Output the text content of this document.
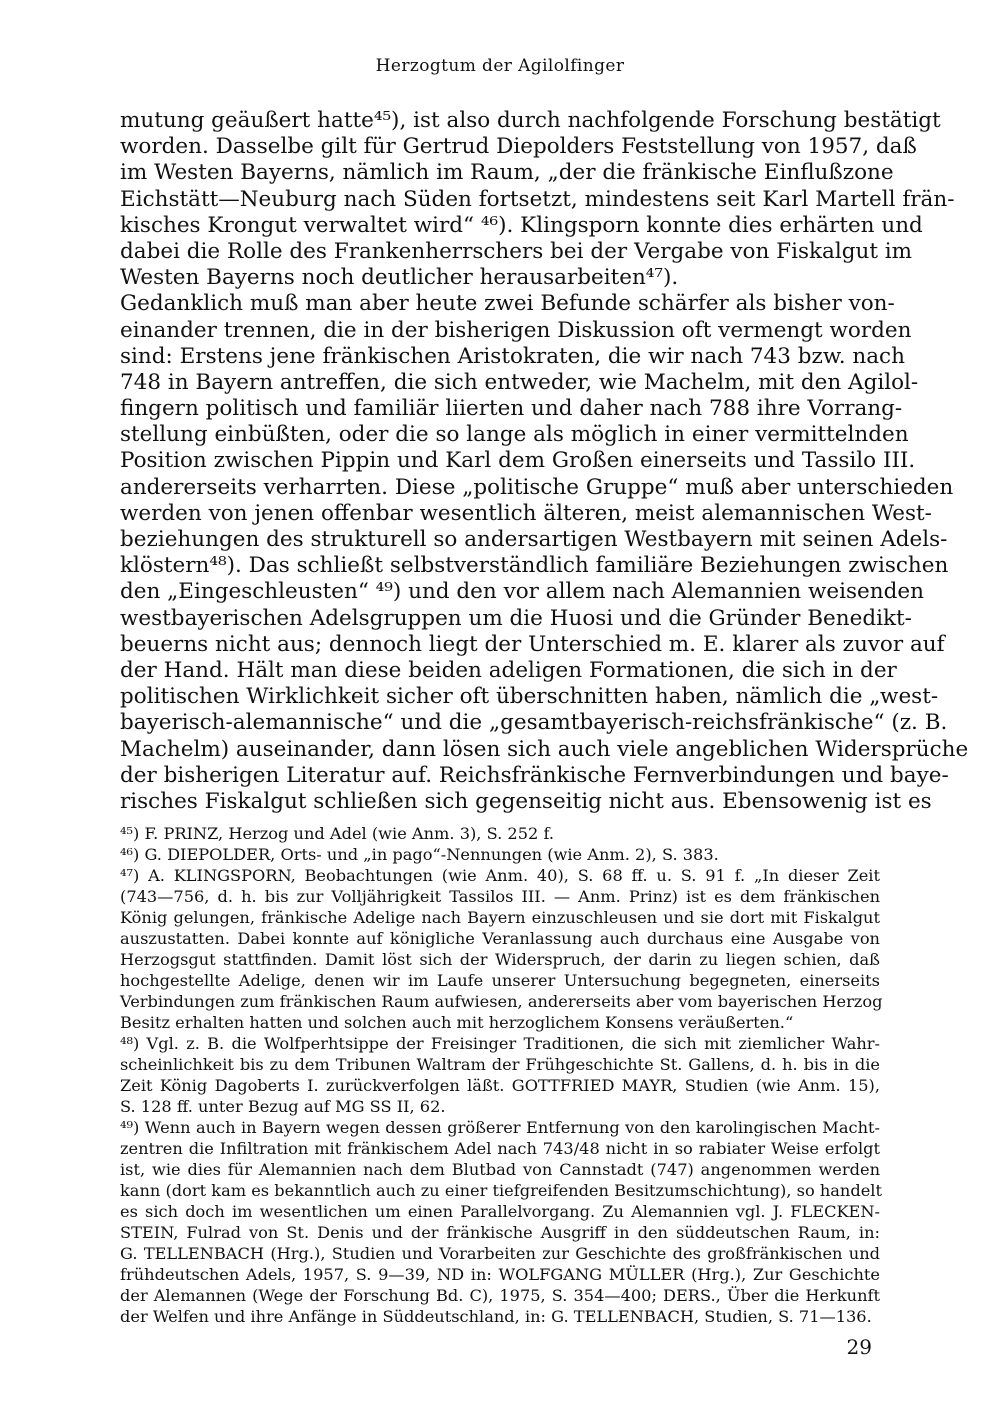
Herzogtum der Agilolfinger
mutung geäußert hatte⁴⁵), ist also durch nachfolgende Forschung bestätigt
worden. Dasselbe gilt für Gertrud Diepolders Feststellung von 1957, daß
im Westen Bayerns, nämlich im Raum, „der die fränkische Einflußzone
Eichstätt—Neuburg nach Süden fortsetzt, mindestens seit Karl Martell frän-
kisches Krongut verwaltet wird“ ⁴⁶). Klingsporn konnte dies erhärten und
dabei die Rolle des Frankenherrschers bei der Vergabe von Fiskalgut im
Westen Bayerns noch deutlicher herausarbeiten⁴⁷).
Gedanklich muß man aber heute zwei Befunde schärfer als bisher von-
einander trennen, die in der bisherigen Diskussion oft vermengt worden
sind: Erstens jene fränkischen Aristokraten, die wir nach 743 bzw. nach
748 in Bayern antreffen, die sich entweder, wie Machelm, mit den Agilol-
fingern politisch und familiär liierten und daher nach 788 ihre Vorrang-
stellung einbüßten, oder die so lange als möglich in einer vermittelnden
Position zwischen Pippin und Karl dem Großen einerseits und Tassilo III.
andererseits verharrten. Diese „politische Gruppe“ muß aber unterschieden
werden von jenen offenbar wesentlich älteren, meist alemannischen West-
beziehungen des strukturell so andersartigen Westbayern mit seinen Adels-
klöstern⁴⁸). Das schließt selbstverständlich familiäre Beziehungen zwischen
den „Eingeschleusten“ ⁴⁹) und den vor allem nach Alemannien weisenden
westbayerischen Adelsgruppen um die Huosi und die Gründer Benedikt-
beuerns nicht aus; dennoch liegt der Unterschied m. E. klarer als zuvor auf
der Hand. Hält man diese beiden adeligen Formationen, die sich in der
politischen Wirklichkeit sicher oft überschnitten haben, nämlich die „west-
bayerisch-alemannische“ und die „gesamtbayerisch-reichsfränkische“ (z. B.
Machelm) auseinander, dann lösen sich auch viele angeblichen Widersprüche
der bisherigen Literatur auf. Reichsfränkische Fernverbindungen und baye-
risches Fiskalgut schließen sich gegenseitig nicht aus. Ebensowenig ist es
⁴⁵) F. PRINZ, Herzog und Adel (wie Anm. 3), S. 252 f.
⁴⁶) G. DIEPOLDER, Orts- und „in pago“-Nennungen (wie Anm. 2), S. 383.
⁴⁷) A. KLINGSPORN, Beobachtungen (wie Anm. 40), S. 68 ff. u. S. 91 f. „In dieser Zeit
(743—756, d. h. bis zur Volljährigkeit Tassilos III. — Anm. Prinz) ist es dem fränkischen
König gelungen, fränkische Adelige nach Bayern einzuschleusen und sie dort mit Fiskalgut
auszustatten. Dabei konnte auf königliche Veranlassung auch durchaus eine Ausgabe von
Herzogsgut stattfinden. Damit löst sich der Widerspruch, der darin zu liegen schien, daß
hochgestellte Adelige, denen wir im Laufe unserer Untersuchung begegneten, einerseits
Verbindungen zum fränkischen Raum aufwiesen, andererseits aber vom bayerischen Herzog
Besitz erhalten hatten und solchen auch mit herzoglichem Konsens veräußerten.“
⁴⁸) Vgl. z. B. die Wolfperhtsippe der Freisinger Traditionen, die sich mit ziemlicher Wahr-
scheinlichkeit bis zu dem Tribunen Waltram der Frühgeschichte St. Gallens, d. h. bis in die
Zeit König Dagoberts I. zurückverfolgen läßt. GOTTFRIED MAYR, Studien (wie Anm. 15),
S. 128 ff. unter Bezug auf MG SS II, 62.
⁴⁹) Wenn auch in Bayern wegen dessen größerer Entfernung von den karolingischen Macht-
zentren die Infiltration mit fränkischem Adel nach 743/48 nicht in so rabiater Weise erfolgt
ist, wie dies für Alemannien nach dem Blutbad von Cannstadt (747) angenommen werden
kann (dort kam es bekanntlich auch zu einer tiefgreifenden Besitzumschichtung), so handelt
es sich doch im wesentlichen um einen Parallelvorgang. Zu Alemannien vgl. J. FLECKEN-
STEIN, Fulrad von St. Denis und der fränkische Ausgriff in den süddeutschen Raum, in:
G. TELLENBACH (Hrg.), Studien und Vorarbeiten zur Geschichte des großfränkischen und
frühdeutschen Adels, 1957, S. 9—39, ND in: WOLFGANG MÜLLER (Hrg.), Zur Geschichte
der Alemannen (Wege der Forschung Bd. C), 1975, S. 354—400; DERS., Über die Herkunft
der Welfen und ihre Anfänge in Süddeutschland, in: G. TELLENBACH, Studien, S. 71—136.
29
